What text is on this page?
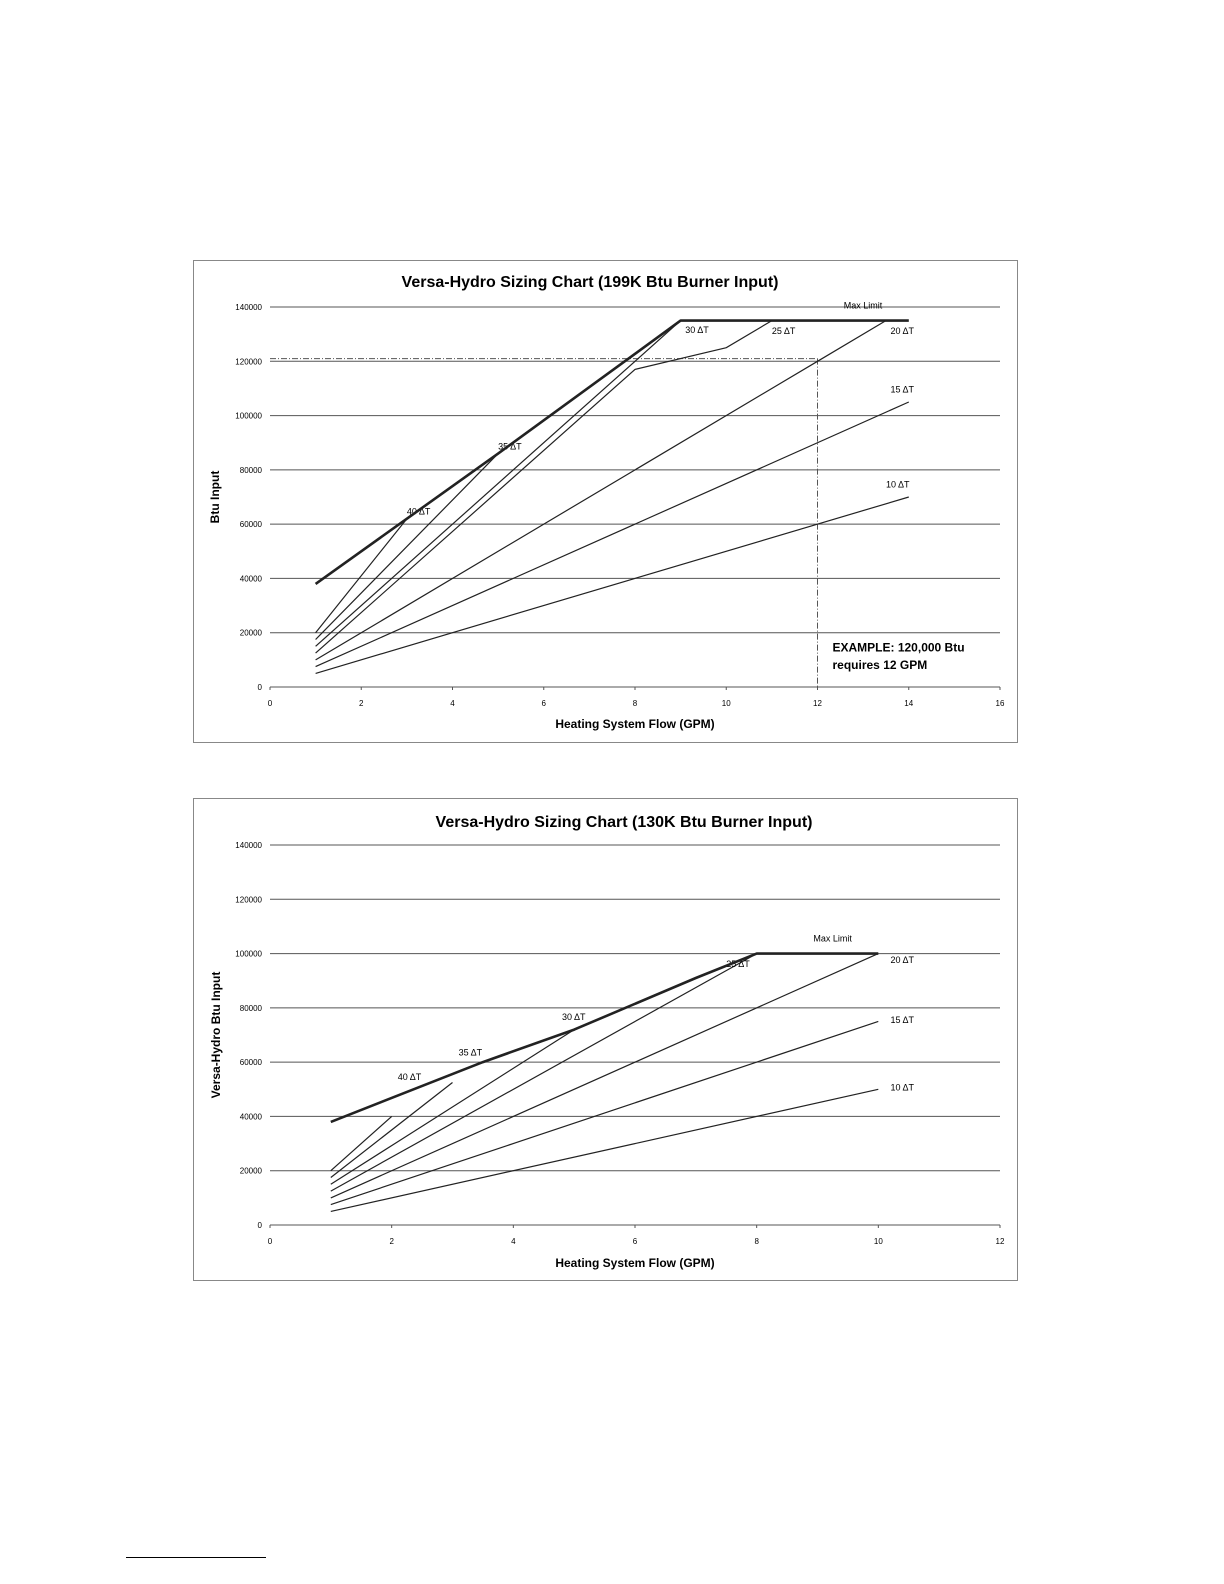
Versa-Hydro Sizing Chart (199K Btu Burner Input)
0
20000
40000
60000
80000
100000
120000
140000
0	2	4	6	8	10	12	14	16
Heating System Flow (GPM)
Btu Input
EXAMPLE: 120,000 Btu
requires 12 GPM
40 ΔT
35 ΔT
30 ΔT	25 ΔT	20 ΔT
15 ΔT
10 ΔT
Max Limit
Versa-Hydro Sizing Chart (130K Btu Burner Input)
0
20000
40000
60000
80000
100000
120000
140000
0	2	4	6	8	10	12
Heating System Flow (GPM)
Versa-Hydro Btu Input	40 ΔT
35 ΔT
30 ΔT
25 ΔT	20 ΔT
15 ΔT
10 ΔT
Max Limit
